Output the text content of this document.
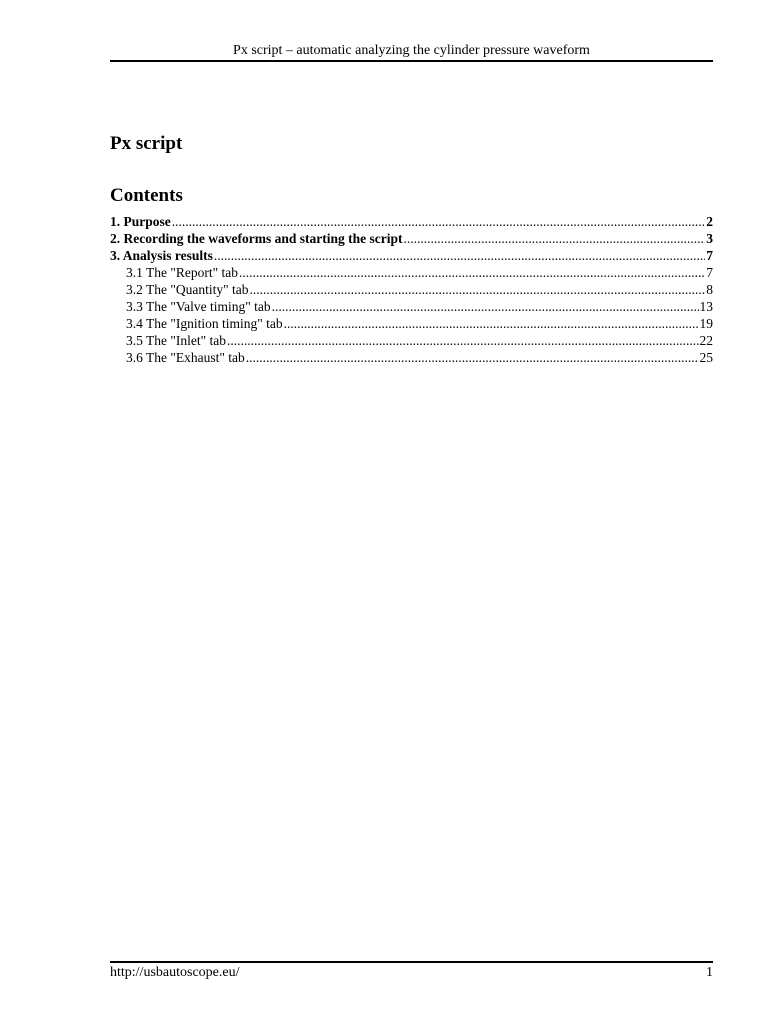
Px script – automatic analyzing the cylinder pressure waveform
Px script
Contents
1. Purpose .....	2
2. Recording the waveforms and starting the script .....	3
3. Analysis results .....	7
3.1 The "Report" tab .....	7
3.2 The "Quantity" tab .....	8
3.3 The "Valve timing" tab .....	13
3.4 The "Ignition timing" tab .....	19
3.5 The "Inlet" tab .....	22
3.6 The "Exhaust" tab .....	25
http://usbautoscope.eu/	1
